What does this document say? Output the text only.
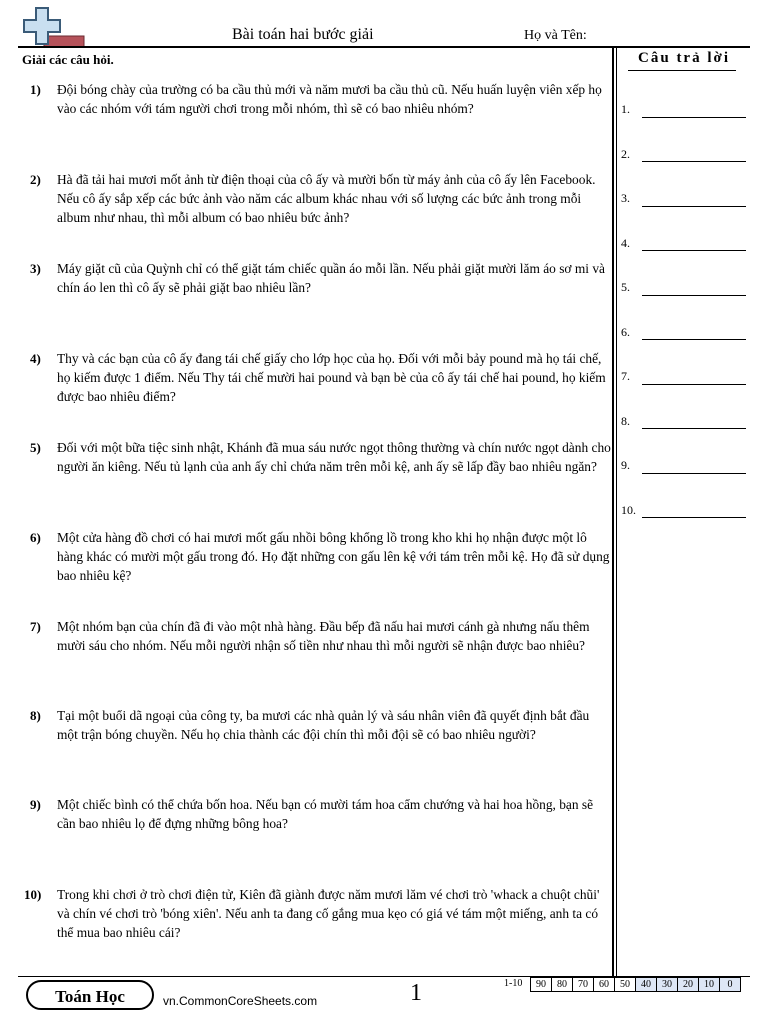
Bài toán hai bước giải	Họ và Tên:
Giải các câu hỏi.
1) Đội bóng chày của trường có ba cầu thủ mới và năm mươi ba cầu thủ cũ. Nếu huấn luyện viên xếp họ vào các nhóm với tám người chơi trong mỗi nhóm, thì sẽ có bao nhiêu nhóm?
2) Hà đã tải hai mươi mốt ảnh từ điện thoại của cô ấy và mười bốn từ máy ảnh của cô ấy lên Facebook. Nếu cô ấy sắp xếp các bức ảnh vào năm các album khác nhau với số lượng các bức ảnh trong mỗi album như nhau, thì mỗi album có bao nhiêu bức ảnh?
3) Máy giặt cũ của Quỳnh chỉ có thể giặt tám chiếc quần áo mỗi lần. Nếu phải giặt mười lăm áo sơ mi và chín áo len thì cô ấy sẽ phải giặt bao nhiêu lần?
4) Thy và các bạn của cô ấy đang tái chế giấy cho lớp học của họ. Đối với mỗi bảy pound mà họ tái chế, họ kiếm được 1 điểm. Nếu Thy tái chế mười hai pound và bạn bè của cô ấy tái chế hai pound, họ kiếm được bao nhiêu điểm?
5) Đối với một bữa tiệc sinh nhật, Khánh đã mua sáu nước ngọt thông thường và chín nước ngọt dành cho người ăn kiêng. Nếu tủ lạnh của anh ấy chỉ chứa năm trên mỗi kệ, anh ấy sẽ lấp đầy bao nhiêu ngăn?
6) Một cửa hàng đồ chơi có hai mươi mốt gấu nhồi bông khổng lồ trong kho khi họ nhận được một lô hàng khác có mười một gấu trong đó. Họ đặt những con gấu lên kệ với tám trên mỗi kệ. Họ đã sử dụng bao nhiêu kệ?
7) Một nhóm bạn của chín đã đi vào một nhà hàng. Đầu bếp đã nấu hai mươi cánh gà nhưng nấu thêm mười sáu cho nhóm. Nếu mỗi người nhận số tiền như nhau thì mỗi người sẽ nhận được bao nhiêu?
8) Tại một buổi dã ngoại của công ty, ba mươi các nhà quản lý và sáu nhân viên đã quyết định bắt đầu một trận bóng chuyền. Nếu họ chia thành các đội chín thì mỗi đội sẽ có bao nhiêu người?
9) Một chiếc bình có thể chứa bốn hoa. Nếu bạn có mười tám hoa cẩm chướng và hai hoa hồng, bạn sẽ cần bao nhiêu lọ để đựng những bông hoa?
10) Trong khi chơi ở trò chơi điện tử, Kiên đã giành được năm mươi lăm vé chơi trò 'whack a chuột chũi' và chín vé chơi trò 'bóng xiên'. Nếu anh ta đang cố gắng mua kẹo có giá vé tám một miếng, anh ta có thể mua bao nhiêu cái?
Câu trả lời
1.
2.
3.
4.
5.
6.
7.
8.
9.
10.
Toán Học	vn.CommonCoreSheets.com	1	1-10 90	80	70	60	50	40	30	20	10	0
